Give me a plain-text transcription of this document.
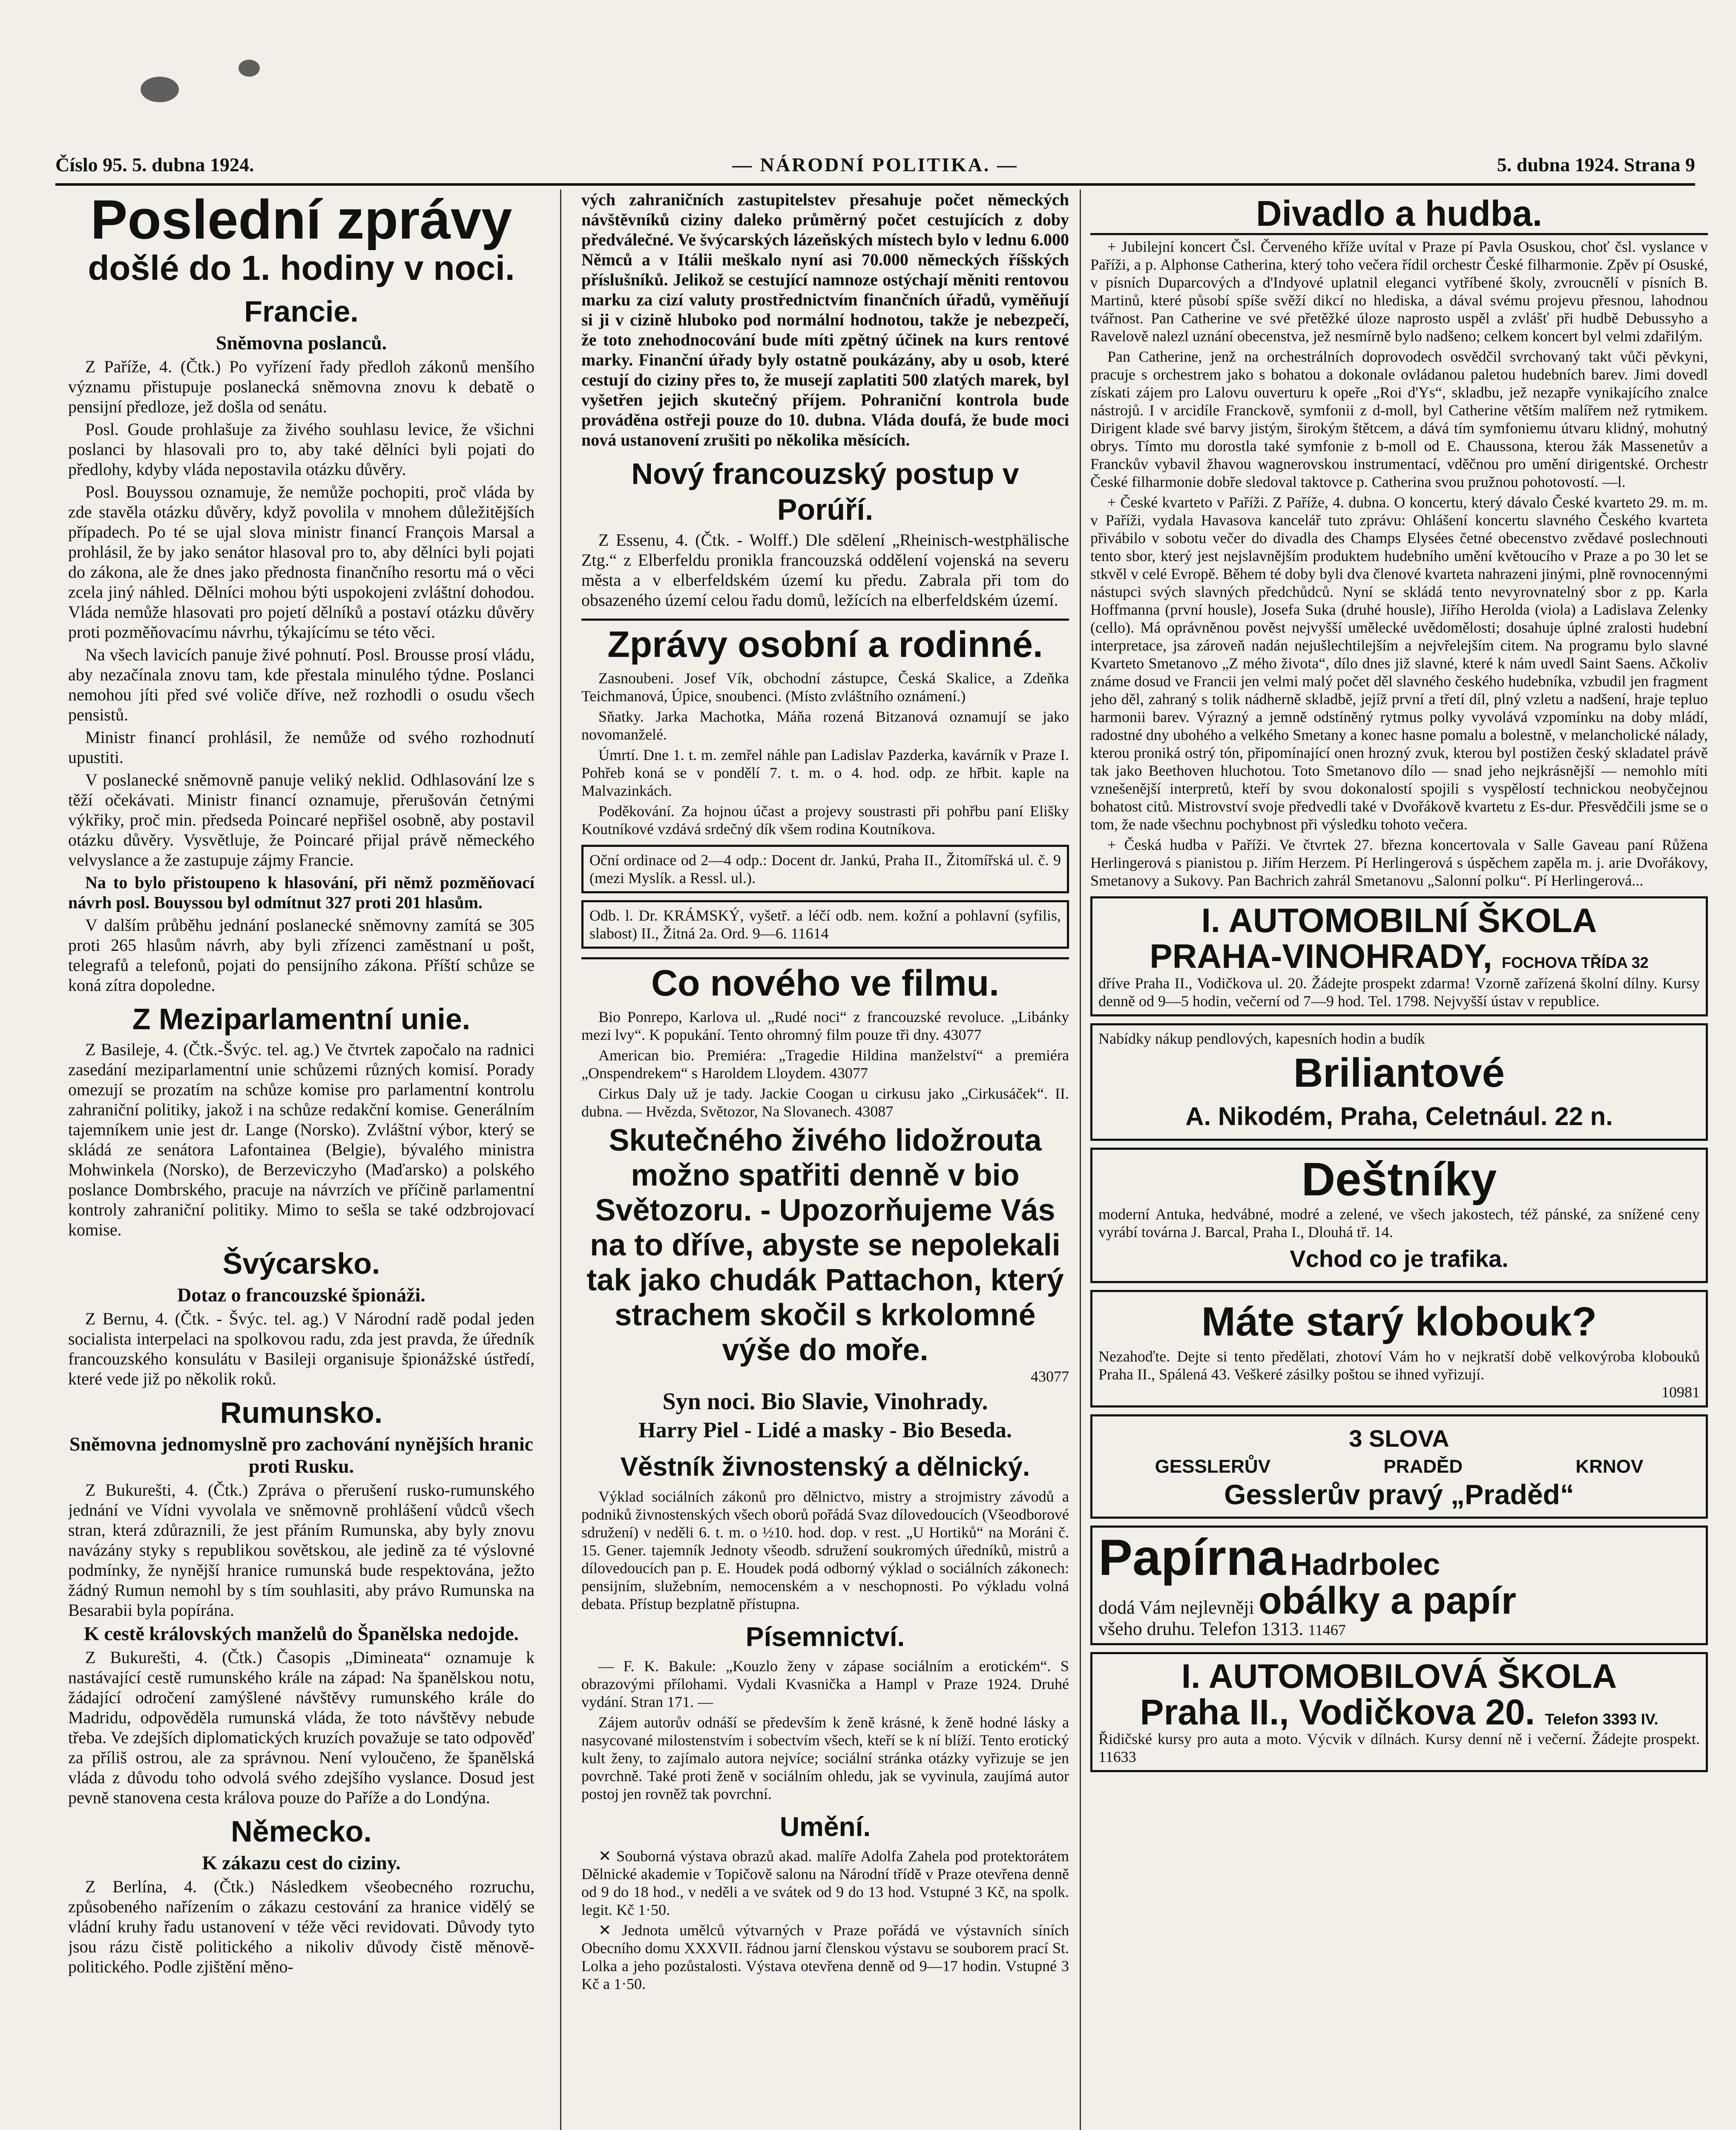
Číslo 95. 5. dubna 1924.	— NÁRODNÍ POLITIKA. —	5. dubna 1924. Strana 9
Poslední zprávy
došlé do 1. hodiny v noci.
Francie.
Sněmovna poslanců.

Z Paříže, 4. (Čtk.) Po vyřízení řady předloh zákonů menšího významu přistupuje poslanecká sněmovna znovu k debatě o pensijní předloze, jež došla od senátu.

Posl. Goude prohlašuje za živého souhlasu levice, že všichni poslanci by hlasovali pro to, aby také dělníci byli pojati do předlohy, kdyby vláda nepostavila otázku důvěry.

Posl. Bouyssou oznamuje, že nemůže pochopiti, proč vláda by zde stavěla otázku důvěry, když povolila v mnohem důležitějších případech. Po té se ujal slova ministr financí François Marsal a prohlásil, že by jako senátor hlasoval pro to, aby dělníci byli pojati do zákona, ale že dnes jako přednosta finančního resortu má o věci zcela jiný náhled. Dělníci mohou býti uspokojeni zvláštní dohodou. Vláda nemůže hlasovati pro pojetí dělníků a postaví otázku důvěry proti pozměňovacímu návrhu, týkajícímu se této věci.

Na všech lavicích panuje živé pohnutí. Posl. Brousse prosí vládu, aby nezačínala znovu tam, kde přestala minulého týdne. Poslanci nemohou jíti před své voliče dříve, než rozhodli o osudu všech pensistů.

Ministr financí prohlásil, že nemůže od svého rozhodnutí upustiti.

V poslanecké sněmovně panuje veliký neklid. Odhlasování lze s těží očekávati. Ministr financí oznamuje, přerušován četnými výkřiky, proč min. předseda Poincaré nepřišel osobně, aby postavil otázku důvěry. Vysvětluje, že Poincaré přijal právě německého velvyslance a že zastupuje zájmy Francie.

Na to bylo přistoupeno k hlasování, při němž pozměňovací návrh posl. Bouyssou byl odmítnut 327 proti 201 hlasům.

V dalším průběhu jednání poslanecké sněmovny zamítá se 305 proti 265 hlasům návrh, aby byli zřízenci zaměstnaní u pošt, telegrafů a telefonů, pojati do pensijního zákona. Příští schůze se koná zítra dopoledne.

Z Meziparlamentní unie.

Z Basileje, 4. (Čtk.-Švýc. tel. ag.) Ve čtvrtek započalo na radnici zasedání meziparlamentní unie schůzemi různých komisí. Porady omezují se prozatím na schůze komise pro parlamentní kontrolu zahraniční politiky, jakož i na schůze redakční komise. Generálním tajemníkem unie jest dr. Lange (Norsko). Zvláštní výbor, který se skládá ze senátora Lafontainea (Belgie), bývalého ministra Mohwinkela (Norsko), de Berzeviczyho (Maďarsko) a polského poslance Dombrského, pracuje na návrzích ve příčině parlamentní kontroly zahraniční politiky. Mimo to sešla se také odzbrojovací komise.

Švýcarsko.
Dotaz o francouzské špionáži.

Z Bernu, 4. (Čtk. - Švýc. tel. ag.) V Národní radě podal jeden socialista interpelaci na spolkovou radu, zda jest pravda, že úředník francouzského konsulátu v Basileji organisuje špionážské ústředí, které vede již po několik roků.

Rumunsko.
Sněmovna jednomyslně pro zachování nynějších hranic proti Rusku.

Z Bukurešti, 4. (Čtk.) Zpráva o přerušení rusko-rumunského jednání ve Vídni vyvolala ve sněmovně prohlášení vůdců všech stran, která zdůraznili, že jest přáním Rumunska, aby byly znovu navázány styky s republikou sovětskou, ale jedině za té výslovné podmínky, že nynější hranice rumunská bude respektována, ježto žádný Rumun nemohl by s tím souhlasiti, aby právo Rumunska na Besarabii byla popírána.

K cestě královských manželů do Španělska nedojde.

Z Bukurešti, 4. (Čtk.) Časopis „Dimineata“ oznamuje k nastávající cestě rumunského krále na západ: Na španělskou notu, žádající odročení zamýšlené návštěvy rumunského krále do Madridu, odpověděla rumunská vláda, že toto návštěvy nebude třeba. Ve zdejších diplomatických kruzích považuje se tato odpověď za příliš ostrou, ale za správnou. Není vyloučeno, že španělská vláda z důvodu toho odvolá svého zdejšího vyslance. Dosud jest pevně stanovena cesta králova pouze do Paříže a do Londýna.

Německo.
K zákazu cest do ciziny.

Z Berlína, 4. (Čtk.) Následkem všeobecného rozruchu, způsobeného nařízením o zákazu cestování za hranice vidělý se vládní kruhy řadu ustanovení v téže věci revidovati. Důvody tyto jsou rázu čistě politického a nikoliv důvody čistě měnově-politického. Podle zjištění měno-

vých zahraničních zastupitelstev přesahuje počet německých návštěvníků ciziny daleko průměrný počet cestujících z doby předválečné. Ve švýcarských lázeňských místech bylo v lednu 6.000 Němců a v Itálii meškalo nyní asi 70.000 německých říšských příslušníků. Jelikož se cestující namnoze ostýchají měniti rentovou marku za cizí valuty prostřednictvím finančních úřadů, vyměňují si ji v cizině hluboko pod normální hodnotou, takže je nebezpečí, že toto znehodnocování bude míti zpětný účinek na kurs rentové marky. Finanční úřady byly ostatně poukázány, aby u osob, které cestují do ciziny přes to, že musejí zaplatiti 500 zlatých marek, byl vyšetřen jejich skutečný příjem. Pohraniční kontrola bude prováděna ostřeji pouze do 10. dubna. Vláda doufá, že bude moci nová ustanovení zrušiti po několika měsících.

Nový francouzský postup v Porúří.

Z Essenu, 4. (Čtk. - Wolff.) Dle sdělení „Rheinisch-westphälische Ztg.“ z Elberfeldu pronikla francouzská oddělení vojenská na severu města a v elberfeldském území ku předu. Zabrala při tom do obsazeného území celou řadu domů, ležících na elberfeldském území.

Zprávy osobní a rodinné.

Zasnoubeni. Josef Vík, obchodní zástupce, Česká Skalice, a Zdeňka Teichmanová, Úpice, snoubenci. (Místo zvláštního oznámení.)

Sňatky. Jarka Machotka, Máňa rozená Bitzanová oznamují se jako novomanželé.

Úmrtí. Dne 1. t. m. zemřel náhle pan Ladislav Pazderka, kavárník v Praze I. Pohřeb koná se v pondělí 7. t. m. o 4. hod. odp. ze hřbit. kaple na Malvazinkách.

Poděkování. Za hojnou účast a projevy soustrasti při pohřbu paní Elišky Koutníkové vzdává srdečný dík všem rodina Koutníkova.

Oční ordinace od 2—4 odp.: Docent dr. Jankú, Praha II., Žitomířská ul. č. 9 (mezi Myslík. a Ressl. ul.).
Odb. l. Dr. KRÁMSKÝ, vyšetř. a léčí odb. nem. kožní a pohlavní (syfilis, slabost) II., Žitná 2a. Ord. 9—6. 11614
Co nového ve filmu.

Bio Ponrepo, Karlova ul. „Rudé noci“ z francouzské revoluce. „Libánky mezi lvy“. K popukání. Tento ohromný film pouze tři dny. 43077

American bio. Premiéra: „Tragedie Hildina manželství“ a premiéra „Onspendrekem“ s Haroldem Lloydem. 43077

Cirkus Daly už je tady. Jackie Coogan u cirkusu jako „Cirkusáček“. II. dubna. — Hvězda, Světozor, Na Slovanech. 43087

Skutečného živého lidožrouta možno spatřiti denně v bio Světozoru. - Upozorňujeme Vás na to dříve, abyste se nepolekali tak jako chudák Pattachon, který strachem skočil s krkolomné výše do moře.
43077
Syn noci. Bio Slavie, Vinohrady.
Harry Piel - Lidé a masky - Bio Beseda.
Věstník živnostenský a dělnický.

Výklad sociálních zákonů pro dělnictvo, mistry a strojmistry závodů a podniků živnostenských všech oborů pořádá Svaz dílovedoucích (Všeodborové sdružení) v neděli 6. t. m. o ½10. hod. dop. v rest. „U Hortiků“ na Moráni č. 15. Gener. tajemník Jednoty všeodb. sdružení soukromých úředníků, mistrů a dílovedoucích pan p. E. Houdek podá odborný výklad o sociálních zákonech: pensijním, služebním, nemocenském a v neschopnosti. Po výkladu volná debata. Přístup bezplatně přístupna.

Písemnictví.

— F. K. Bakule: „Kouzlo ženy v zápase sociálním a erotickém“. S obrazovými přílohami. Vydali Kvasnička a Hampl v Praze 1924. Druhé vydání. Stran 171. —

Zájem autorův odnáší se především k ženě krásné, k ženě hodné lásky a nasycované milostenstvím i sobectvím všech, kteří se k ní blíží. Tento erotický kult ženy, to zajímalo autora nejvíce; sociální stránka otázky vyřizuje se jen povrchně. Také proti ženě v sociálním ohledu, jak se vyvinula, zaujímá autor postoj jen rovněž tak povrchní.

Umění.

✕ Souborná výstava obrazů akad. malíře Adolfa Zahela pod protektorátem Dělnické akademie v Topičově salonu na Národní třídě v Praze otevřena denně od 9 do 18 hod., v neděli a ve svátek od 9 do 13 hod. Vstupné 3 Kč, na spolk. legit. Kč 1·50.

✕ Jednota umělců výtvarných v Praze pořádá ve výstavních síních Obecního domu XXXVII. řádnou jarní členskou výstavu se souborem prací St. Lolka a jeho pozůstalosti. Výstava otevřena denně od 9—17 hodin. Vstupné 3 Kč a 1·50.

Divadlo a hudba.

+ Jubilejní koncert Čsl. Červeného kříže uvítal v Praze pí Pavla Osuskou, choť čsl. vyslance v Paříži, a p. Alphonse Catherina, který toho večera řídil orchestr České filharmonie. Zpěv pí Osuské, v písních Duparcových a d'Indyové uplatnil eleganci vytříbené školy, zvroucnělí v písních B. Martinů, které působí spíše svěží dikcí no hlediska, a dával svému projevu přesnou, lahodnou tvářnost. Pan Catherine ve své přetěžké úloze naprosto uspěl a zvlášť při hudbě Debussyho a Ravelově nalezl uznání obecenstva, jež nesmírně bylo nadšeno; celkem koncert byl velmi zdařilým.

Pan Catherine, jenž na orchestrálních doprovodech osvědčil svrchovaný takt vůči pěvkyni, pracuje s orchestrem jako s bohatou a dokonale ovládanou paletou hudebních barev. Jimi dovedl získati zájem pro Lalovu ouverturu k opeře „Roi d'Ys“, skladbu, jež nezapře vynikajícího znalce nástrojů. I v arcidíle Franckově, symfonii z d-moll, byl Catherine větším malířem než rytmikem. Dirigent klade své barvy jistým, širokým štětcem, a dává tím symfoniemu útvaru klidný, mohutný obrys. Tímto mu dorostla také symfonie z b-moll od E. Chaussona, kterou žák Massenetův a Franckův vybavil žhavou wagnerovskou instrumentací, vděčnou pro umění dirigentské. Orchestr České filharmonie dobře sledoval taktovce p. Catherina svou pružnou pohotovostí. —l.

+ České kvarteto v Paříži. Z Paříže, 4. dubna. O koncertu, který dávalo České kvarteto 29. m. m. v Paříži, vydala Havasova kancelář tuto zprávu: Ohlášení koncertu slavného Českého kvarteta přivábilo v sobotu večer do divadla des Champs Elysées četné obecenstvo zvědavé poslechnouti tento sbor, který jest nejslavnějším produktem hudebního umění květoucího v Praze a po 30 let se stkvěl v celé Evropě. Během té doby byli dva členové kvarteta nahrazeni jinými, plně rovnocennými nástupci svých slavných předchůdců. Nyní se skládá tento nevyrovnatelný sbor z pp. Karla Hoffmanna (první housle), Josefa Suka (druhé housle), Jiřího Herolda (viola) a Ladislava Zelenky (cello). Má oprávněnou pověst nejvyšší umělecké uvědomělosti; dosahuje úplné zralosti hudební interpretace, jsa zároveň nadán nejušlechtilejším a nejvřelejším citem. Na programu bylo slavné Kvarteto Smetanovo „Z mého života“, dílo dnes již slavné, které k nám uvedl Saint Saens. Ačkoliv známe dosud ve Francii jen velmi malý počet děl slavného českého hudebníka, vzbudil jen fragment jeho děl, zahraný s tolik nádherně skladbě, jejíž první a třetí díl, plný vzletu a nadšení, hraje tepluo harmonii barev. Výrazný a jemně odstíněný rytmus polky vyvolává vzpomínku na doby mládí, radostné dny ubohého a velkého Smetany a konec hasne pomalu a bolestně, v melancholické nálady, kterou proniká ostrý tón, připomínající onen hrozný zvuk, kterou byl postižen český skladatel právě tak jako Beethoven hluchotou. Toto Smetanovo dílo — snad jeho nejkrásnější — nemohlo míti vznešenější interpretů, kteří by svou dokonalostí spojili s vyspělostí technickou neobyčejnou bohatost citů. Mistrovství svoje předvedli také v Dvořákově kvartetu z Es-dur. Přesvědčili jsme se o tom, že nade všechnu pochybnost při výsledku tohoto večera.

+ Česká hudba v Paříži. Ve čtvrtek 27. března koncertovala v Salle Gaveau paní Růžena Herlingerová s pianistou p. Jiřím Herzem. Pí Herlingerová s úspěchem zapěla m. j. arie Dvořákovy, Smetanovy a Sukovy. Pan Bachrich zahrál Smetanovu „Salonní polku“. Pí Herlingerová...

I. AUTOMOBILNÍ ŠKOLA
PRAHA-VINOHRADY, FOCHOVA TŘÍDA 32
dříve Praha II., Vodičkova ul. 20. Žádejte prospekt zdarma! Vzorně zařízená školní dílny. Kursy denně od 9—5 hodin, večerní od 7—9 hod. Tel. 1798. Nejvyšší ústav v republice.
Nabídky nákup pendlových, kapesních hodin a budík
Briliantové
A. Nikodém, Praha, Celetnául. 22 n.
Deštníky
moderní Antuka, hedvábné, modré a zelené, ve všech jakostech, též pánské, za snížené ceny vyrábí továrna J. Barcal, Praha I., Dlouhá tř. 14.
Vchod co je trafika.
Máte starý klobouk?
Nezahoďte. Dejte si tento předělati, zhotoví Vám ho v nejkratší době velkovýroba klobouků Praha II., Spálená 43. Veškeré zásilky poštou se ihned vyřizují.
10981
3 SLOVA
GESSLERŮV	PRADĚD	KRNOV
Gesslerův pravý „Praděd“
Papírna Hadrbolec
dodá Vám nejlevněji obálky a papír
všeho druhu. Telefon 1313. 11467
I. AUTOMOBILOVÁ ŠKOLA
Praha II., Vodičkova 20. Telefon 3393 IV.
Řidičské kursy pro auta a moto. Výcvik v dílnách. Kursy denní ně i večerní. Žádejte prospekt. 11633
